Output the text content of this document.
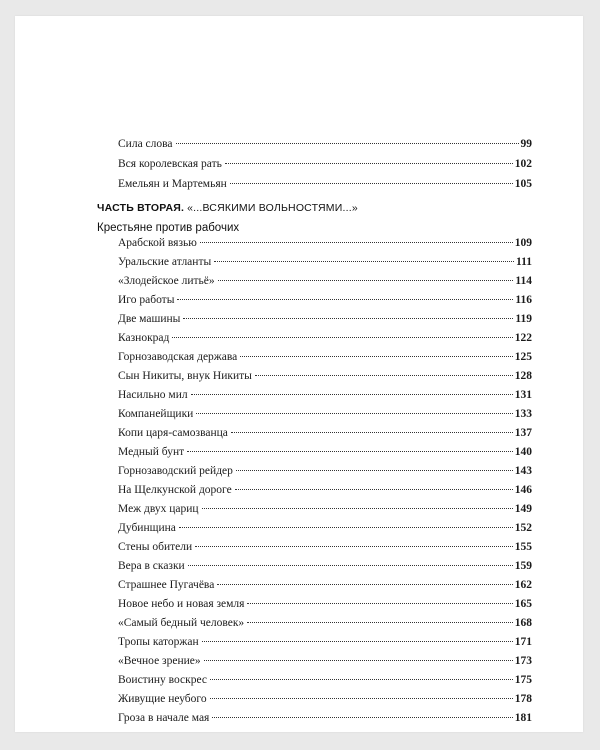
Сила слова	99
Вся королевская рать	102
Емельян и Мартемьян	105
ЧАСТЬ ВТОРАЯ. «...ВСЯКИМИ ВОЛЬНОСТЯМИ...»
Крестьяне против рабочих
Арабской вязью	109
Уральские атланты	111
«Злодейское литьё»	114
Иго работы	116
Две машины	119
Казнокрад	122
Горнозаводская держава	125
Сын Никиты, внук Никиты	128
Насильно мил	131
Компанейщики	133
Копи царя-самозванца	137
Медный бунт	140
Горнозаводский рейдер	143
На Щелкунской дороге	146
Меж двух цариц	149
Дубинщина	152
Стены обители	155
Вера в сказки	159
Страшнее Пугачёва	162
Новое небо и новая земля	165
«Самый бедный человек»	168
Тропы каторжан	171
«Вечное зрение»	173
Воистину воскрес	175
Живущие неубого	178
Гроза в начале мая	181
